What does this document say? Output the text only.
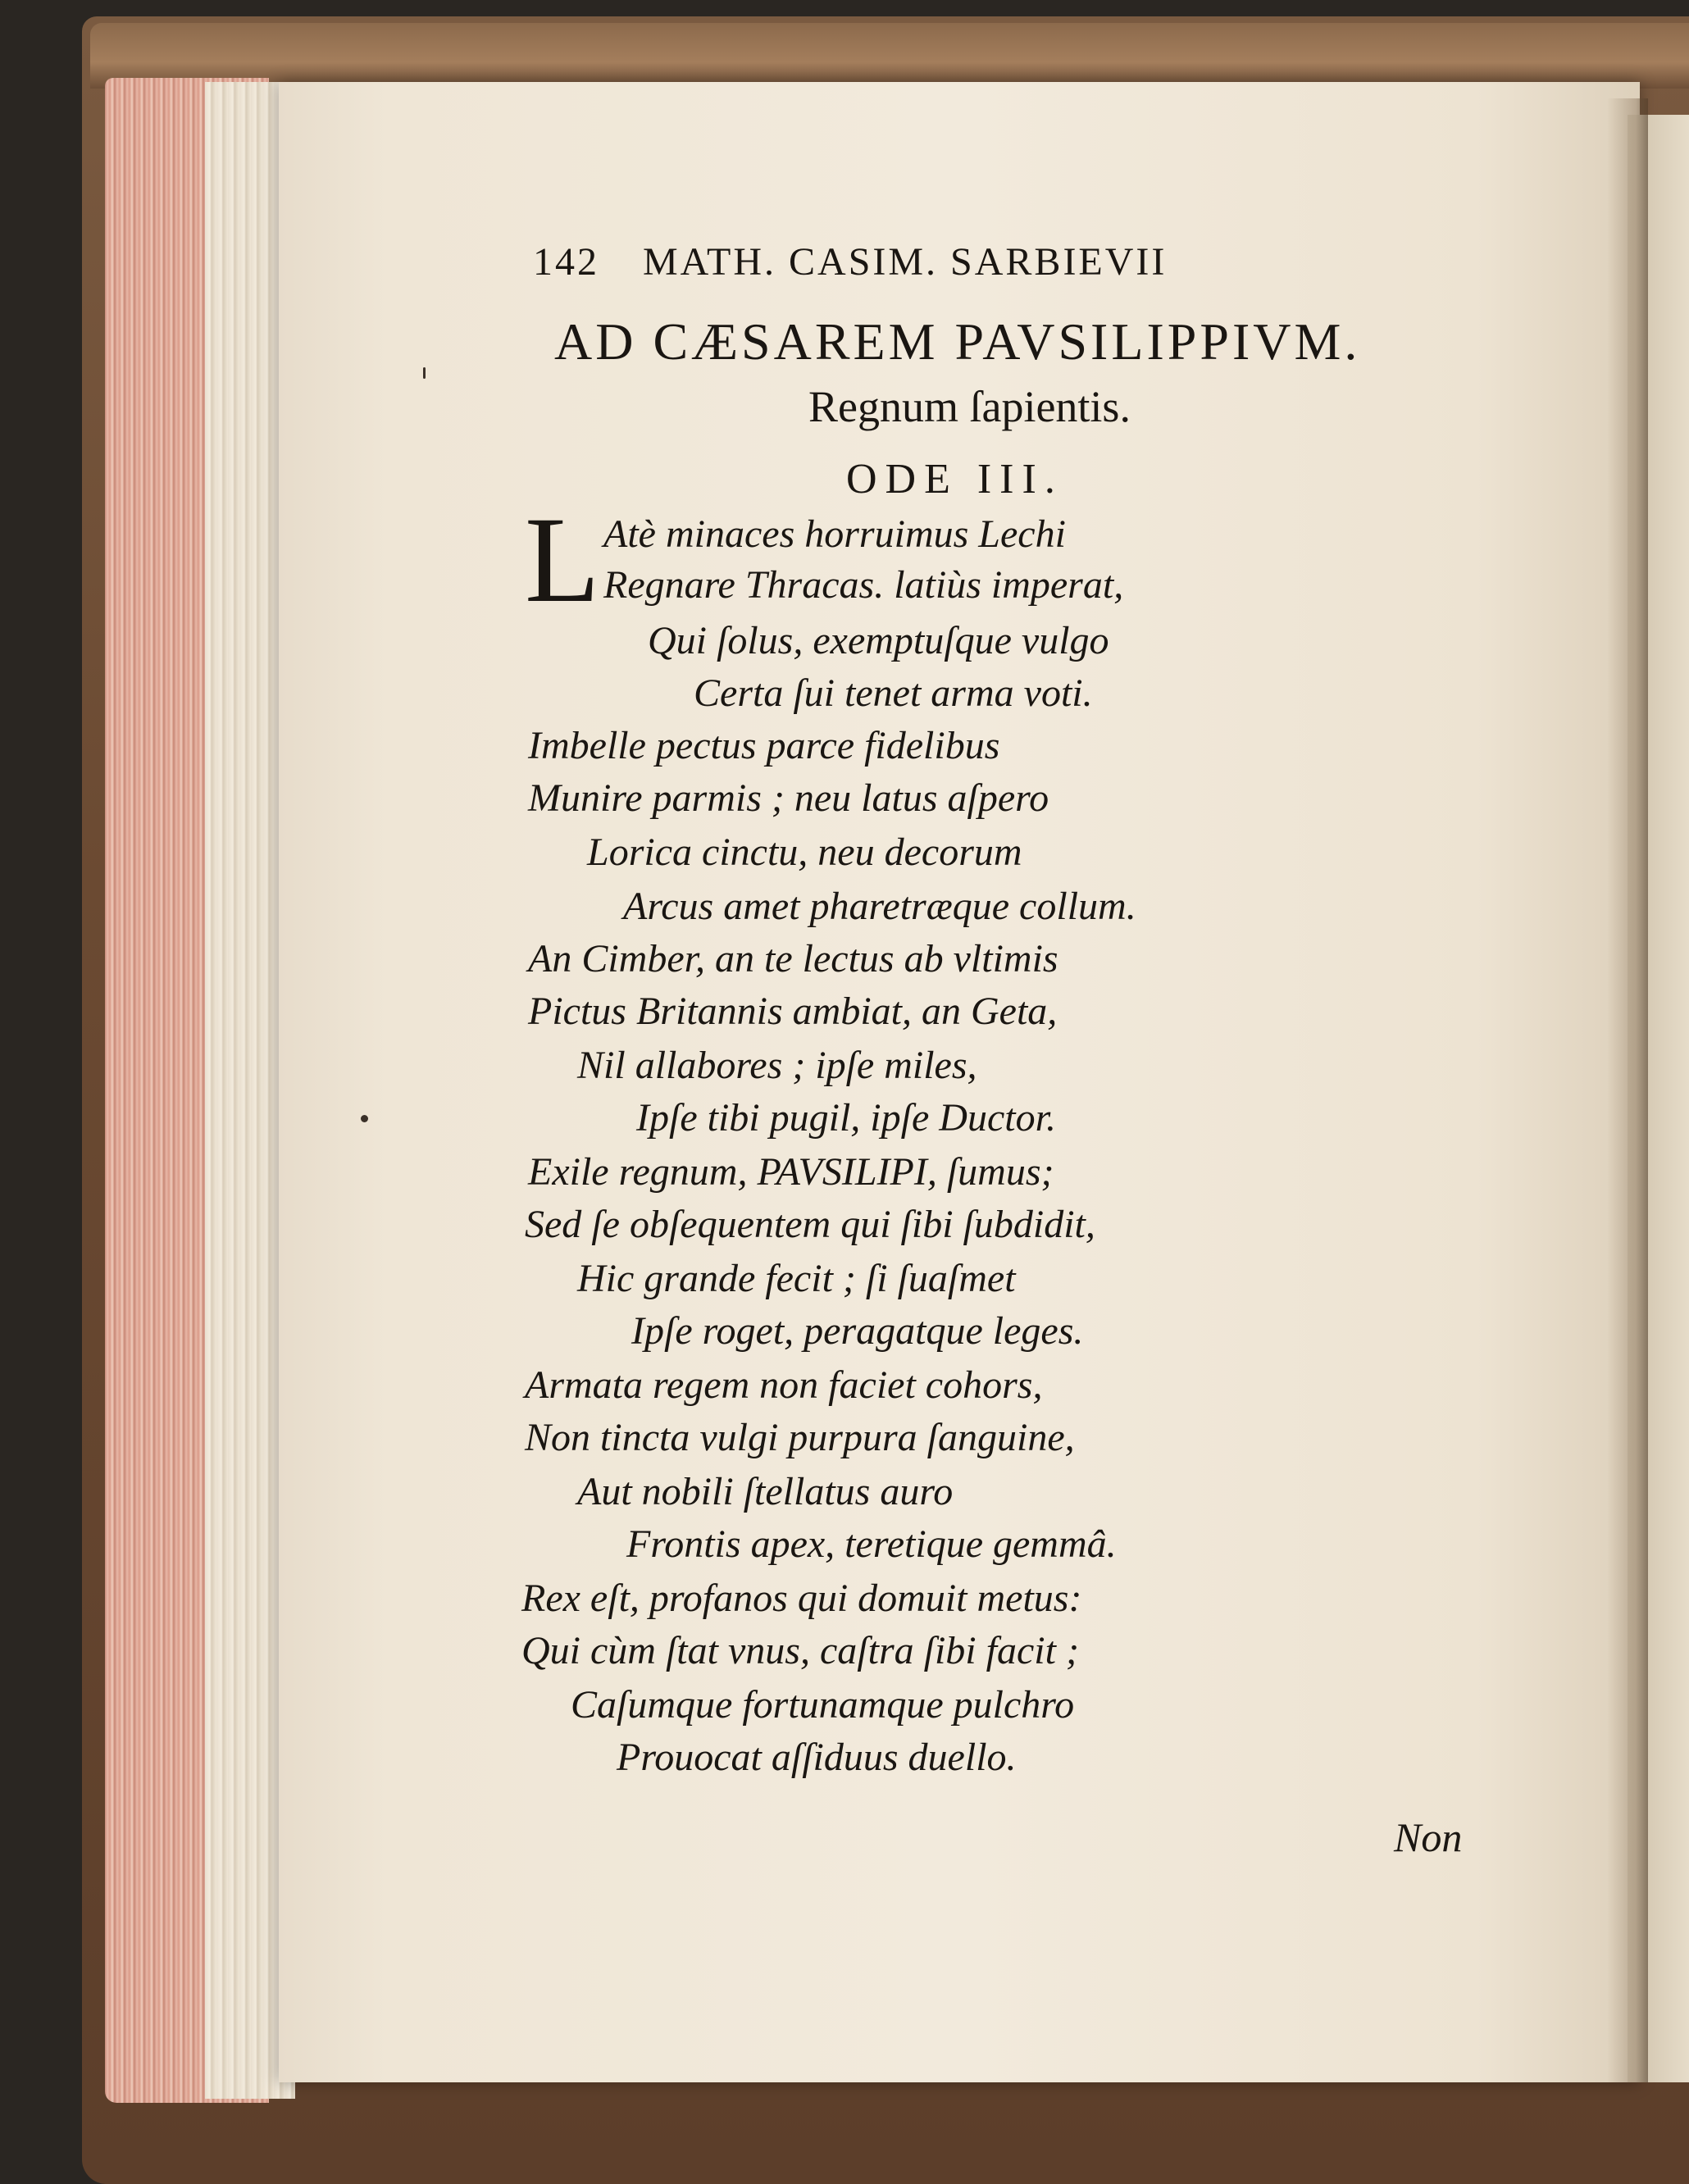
142 MATH. CASIM. SARBIEVII
AD CÆSAREM PAVSILIPPIVM.
Regnum ſapientis.
ODE III.
L Atè minaces horruimus Lechi
Regnare Thracas. latiùs imperat,
Qui ſolus, exemptuſque vulgo
Certa ſui tenet arma voti.
Imbelle pectus parce fidelibus
Munire parmis ; neu latus aſpero
Lorica cinctu, neu decorum
Arcus amet pharetræque collum.
An Cimber, an te lectus ab vltimis
Pictus Britannis ambiat, an Geta,
Nil allabores ; ipſe miles,
Ipſe tibi pugil, ipſe Ductor.
Exile regnum, PAVSILIPI, ſumus;
Sed ſe obſequentem qui ſibi ſubdidit,
Hic grande fecit ; ſi ſuaſmet
Ipſe roget, peragatque leges.
Armata regem non faciet cohors,
Non tincta vulgi purpura ſanguine,
Aut nobili ſtellatus auro
Frontis apex, teretique gemmâ.
Rex eſt, profanos qui domuit metus:
Qui cùm ſtat vnus, caſtra ſibi facit ;
Caſumque fortunamque pulchro
Prouocat aſſiduus duello.
Non
